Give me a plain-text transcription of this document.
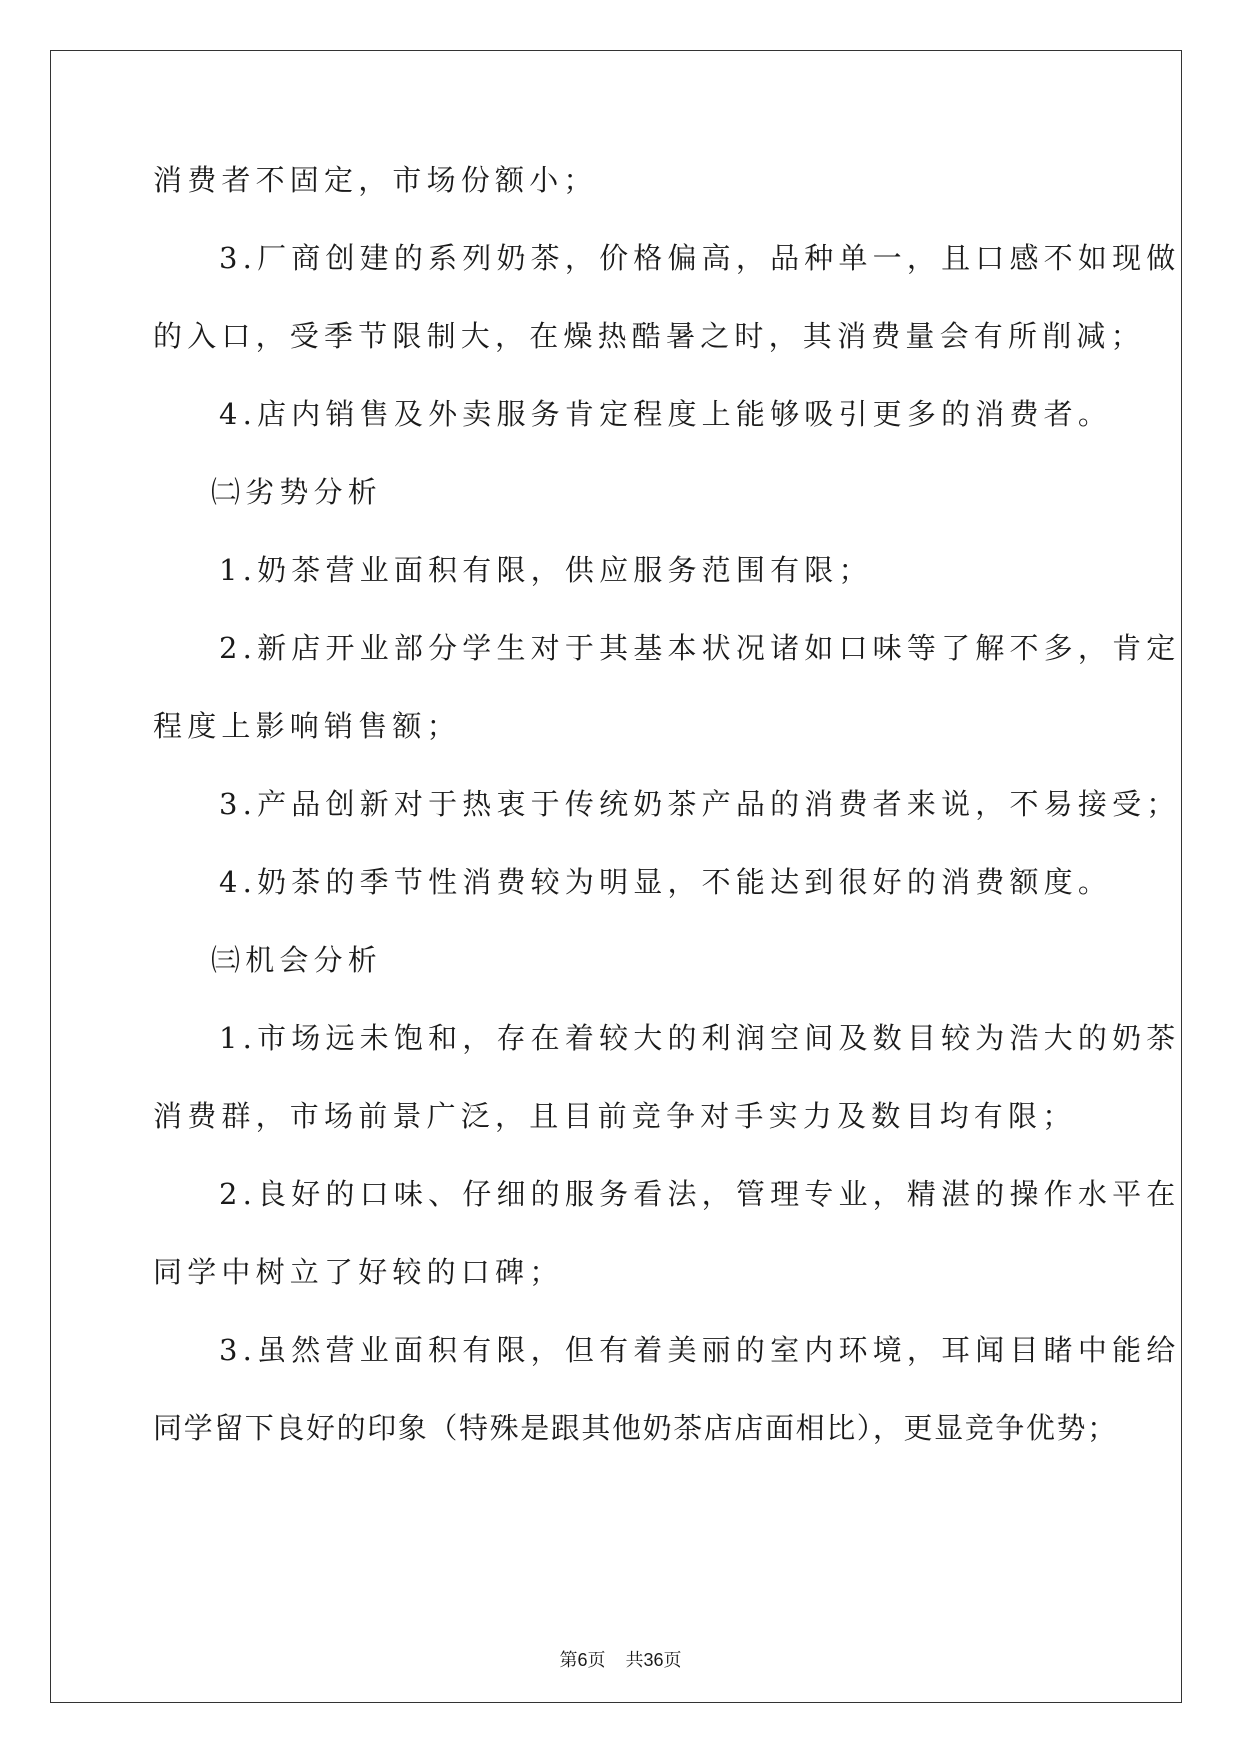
消费者不固定，市场份额小；
3.厂商创建的系列奶茶，价格偏高，品种单一，且口感不如现做
的入口，受季节限制大，在燥热酷暑之时，其消费量会有所削减；
4.店内销售及外卖服务肯定程度上能够吸引更多的消费者。
㈡劣势分析
1.奶茶营业面积有限，供应服务范围有限；
2.新店开业部分学生对于其基本状况诸如口味等了解不多，肯定
程度上影响销售额；
3.产品创新对于热衷于传统奶茶产品的消费者来说，不易接受；
4.奶茶的季节性消费较为明显，不能达到很好的消费额度。
㈢机会分析
1.市场远未饱和，存在着较大的利润空间及数目较为浩大的奶茶
消费群，市场前景广泛，且目前竞争对手实力及数目均有限；
2.良好的口味、仔细的服务看法，管理专业，精湛的操作水平在
同学中树立了好较的口碑；
3.虽然营业面积有限，但有着美丽的室内环境，耳闻目睹中能给
同学留下良好的印象（特殊是跟其他奶茶店店面相比），更显竞争优势；
第6页 共36页
